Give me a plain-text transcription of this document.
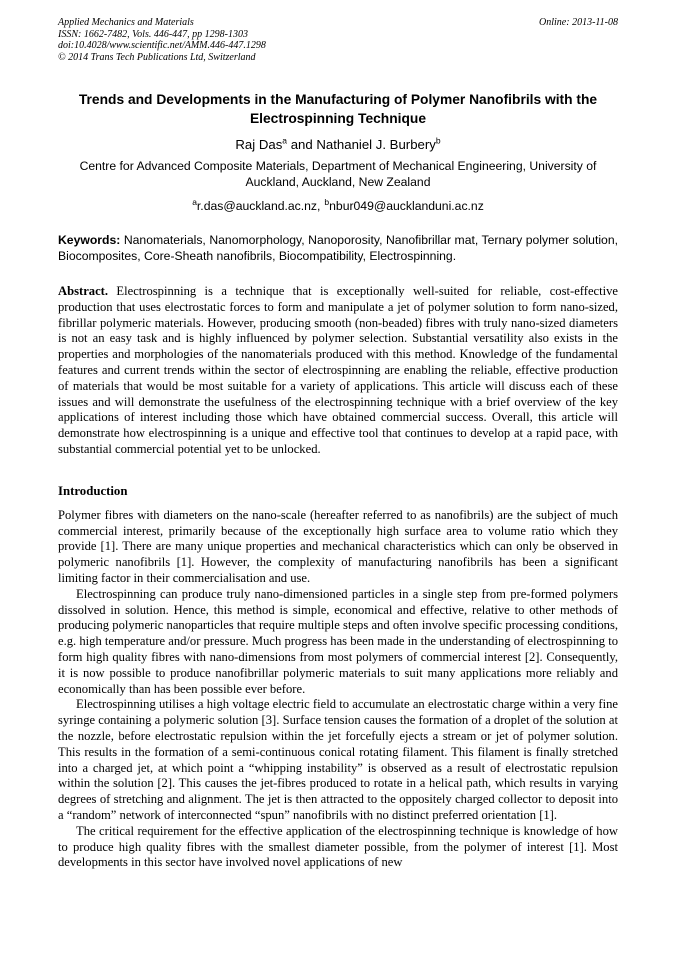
Applied Mechanics and Materials
ISSN: 1662-7482, Vols. 446-447, pp 1298-1303
doi:10.4028/www.scientific.net/AMM.446-447.1298
© 2014 Trans Tech Publications Ltd, Switzerland
Online: 2013-11-08
Trends and Developments in the Manufacturing of Polymer Nanofibrils with the Electrospinning Technique
Raj Das$^a$ and Nathaniel J. Burbery$^b$
Centre for Advanced Composite Materials, Department of Mechanical Engineering, University of Auckland, Auckland, New Zealand
$^a$r.das@auckland.ac.nz, $^b$nbur049@aucklanduni.ac.nz
Keywords: Nanomaterials, Nanomorphology, Nanoporosity, Nanofibrillar mat, Ternary polymer solution, Biocomposites, Core-Sheath nanofibrils, Biocompatibility, Electrospinning.
Abstract. Electrospinning is a technique that is exceptionally well-suited for reliable, cost-effective production that uses electrostatic forces to form and manipulate a jet of polymer solution to form nano-sized, fibrillar polymeric materials. However, producing smooth (non-beaded) fibres with truly nano-sized diameters is not an easy task and is highly influenced by polymer selection. Substantial versatility also exists in the properties and morphologies of the nanomaterials produced with this method. Knowledge of the fundamental features and current trends within the sector of electrospinning are enabling the reliable, effective production of materials that would be most suitable for a variety of applications. This article will discuss each of these issues and will demonstrate the usefulness of the electrospinning technique with a brief overview of the key applications of interest including those which have obtained commercial success. Overall, this article will demonstrate how electrospinning is a unique and effective tool that continues to develop at a rapid pace, with substantial commercial potential yet to be unlocked.
Introduction

Polymer fibres with diameters on the nano-scale (hereafter referred to as nanofibrils) are the subject of much commercial interest, primarily because of the exceptionally high surface area to volume ratio which they provide [1]. There are many unique properties and mechanical characteristics which can only be observed in polymeric nanofibrils [1]. However, the complexity of manufacturing nanofibrils has been a significant limiting factor in their commercialisation and use.

Electrospinning can produce truly nano-dimensioned particles in a single step from pre-formed polymers dissolved in solution. Hence, this method is simple, economical and effective, relative to other methods of producing polymeric nanoparticles that require multiple steps and often involve specific processing conditions, e.g. high temperature and/or pressure. Much progress has been made in the understanding of electrospinning to form high quality fibres with nano-dimensions from most polymers of commercial interest [2]. Consequently, it is now possible to produce nanofibrillar polymeric materials to suit many applications more reliably and economically than has been possible ever before.

Electrospinning utilises a high voltage electric field to accumulate an electrostatic charge within a very fine syringe containing a polymeric solution [3]. Surface tension causes the formation of a droplet of the solution at the nozzle, before electrostatic repulsion within the jet forcefully ejects a stream or jet of polymer solution. This results in the formation of a semi-continuous conical rotating filament. This filament is finally stretched into a charged jet, at which point a “whipping instability” is observed as a result of electrostatic repulsion within the solution [2]. This causes the jet-fibres produced to rotate in a helical path, which results in varying degrees of stretching and alignment. The jet is then attracted to the oppositely charged collector to deposit into a “random” network of interconnected “spun” nanofibrils with no distinct preferred orientation [1].

The critical requirement for the effective application of the electrospinning technique is knowledge of how to produce high quality fibres with the smallest diameter possible, from the polymer of interest [1]. Most developments in this sector have involved novel applications of new
